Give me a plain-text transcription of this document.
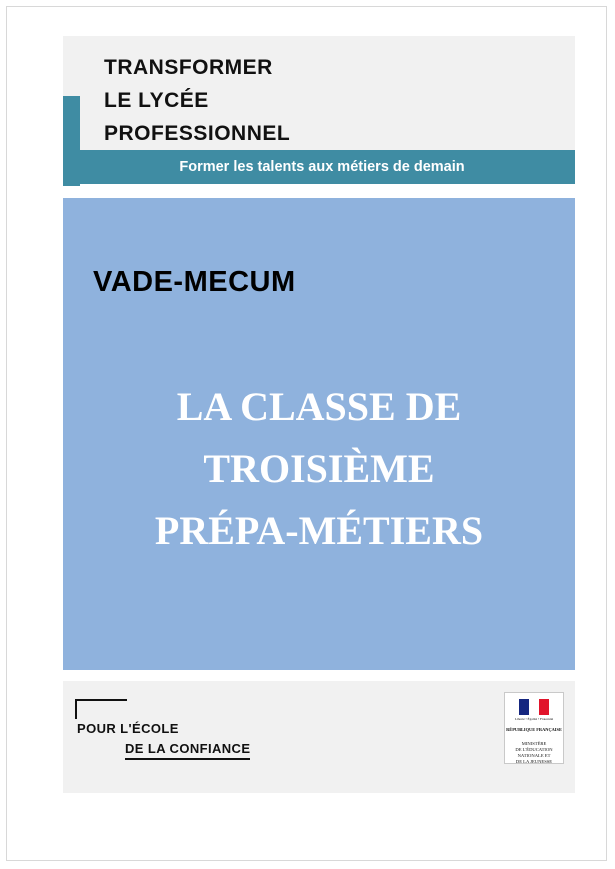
TRANSFORMER
LE LYCÉE
PROFESSIONNEL
Former les talents aux métiers de demain
VADE-MECUM
LA CLASSE DE
TROISIÈME
PRÉPA-MÉTIERS
POUR L'ÉCOLE
DE LA CONFIANCE
Liberté • Égalité • Fraternité
RÉPUBLIQUE FRANÇAISE
MINISTÈRE
DE L'ÉDUCATION
NATIONALE ET
DE LA JEUNESSE
